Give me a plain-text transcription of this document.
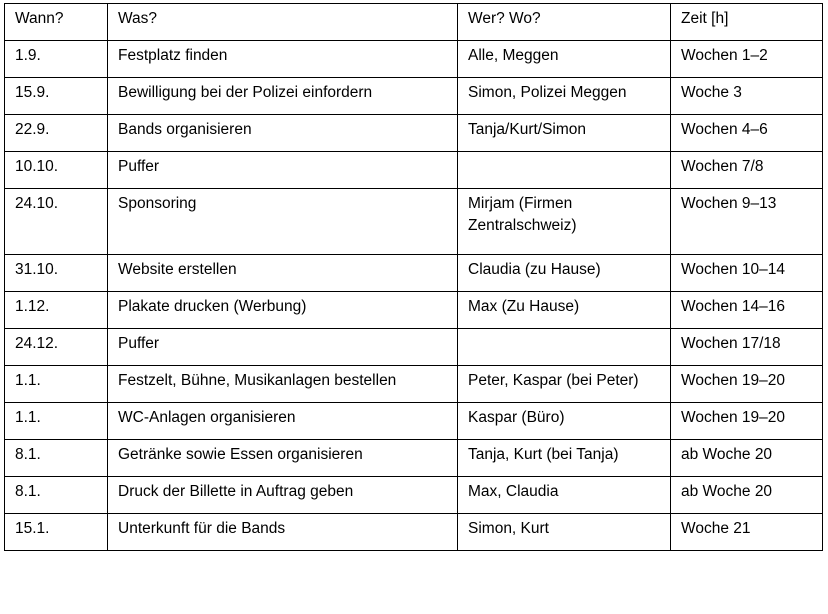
Wann?	Was?	Wer? Wo?	Zeit [h]
1.9.	Festplatz finden	Alle, Meggen	Wochen 1–2
15.9.	Bewilligung bei der Polizei einfordern	Simon, Polizei Meggen	Woche 3
22.9.	Bands organisieren	Tanja/Kurt/Simon	Wochen 4–6
10.10.	Puffer		Wochen 7/8
24.10.	Sponsoring	Mirjam (Firmen Zentralschweiz)	Wochen 9–13
31.10.	Website erstellen	Claudia (zu Hause)	Wochen 10–14
1.12.	Plakate drucken (Werbung)	Max (Zu Hause)	Wochen 14–16
24.12.	Puffer		Wochen 17/18
1.1.	Festzelt, Bühne, Musikanlagen bestellen	Peter, Kaspar (bei Peter)	Wochen 19–20
1.1.	WC-Anlagen organisieren	Kaspar (Büro)	Wochen 19–20
8.1.	Getränke sowie Essen organisieren	Tanja, Kurt (bei Tanja)	ab Woche 20
8.1.	Druck der Billette in Auftrag geben	Max, Claudia	ab Woche 20
15.1.	Unterkunft für die Bands	Simon, Kurt	Woche 21
